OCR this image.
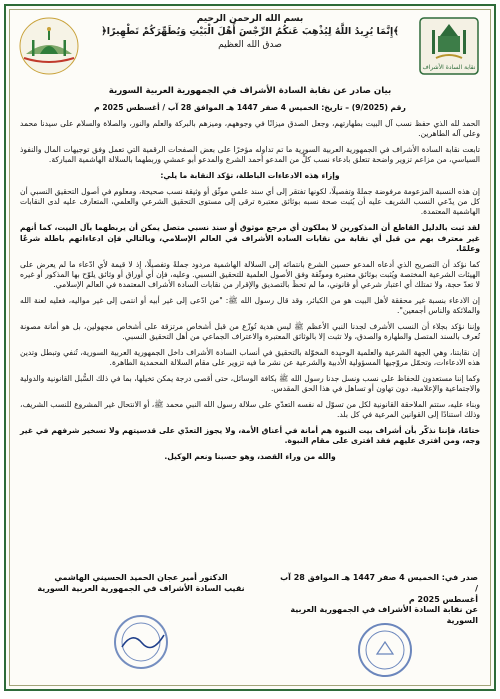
نقابة السادة الأشراف
بسم الله الرحمن الرحيم
﴿إِنَّمَا يُرِيدُ اللَّهُ لِيُذْهِبَ عَنكُمُ الرِّجْسَ أَهْلَ الْبَيْتِ وَيُطَهِّرَكُمْ تَطْهِيرًا﴾
صدق الله العظيم

بيان صادر عن نقابة السادة الأشراف في الجمهورية العربية السورية

رقم (9/2025) – تاريخ: الخميس 4 صفر 1447 هـ الموافق 28 آب / أغسطس 2025 م

الحمد لله الذي حفظ نسب آل البيت بطهارتهم، وجعل الصدق ميزانًا في وجوههم، وميزهم بالبركة والعلم والنور، والصلاة والسلام على سيدنا محمد وعلى آله الطاهرين.

تابعت نقابة السادة الأشراف في الجمهورية العربية السورية ما تم تداوله مؤخرًا على بعض الصفحات الرقمية التي تعمل وفق توجيهات المال والنفوذ السياسي، من مزاعم تزوير واضحة تتعلق بادعاء نسب كلٍّ من المدعو أحمد الشرع والمدعو أبو عمشي وربطهما بالسلالة الهاشمية المباركة.

وإزاء هذه الادعاءات الباطلة، تؤكد النقابة ما يلي:

إن هذه النسبة المزعومة مرفوضة جملةً وتفصيلًا، لكونها تفتقر إلى أي سند علمي موثّق أو وثيقة نسب صحيحة، ومعلوم في أصول التحقيق النسبي أن كل من يدّعي النسب الشريف عليه أن يُثبت صحة نسبه بوثائق معتبرة ترقى إلى مستوى التحقيق الشرعي والعلمي، المتعارف عليه لدى النقابات الهاشمية المعتمدة.

لقد ثبت بالدليل القاطع أن المذكورين لا يملكون أي مرجع موثوق أو سند نسبي متصل يمكن أن يربطهما بآل البيت، كما أنهم غير معترف بهم من قبل أي نقابة من نقابات السادة الأشراف في العالم الإسلامي، وبالتالي فإن ادعاءاتهم باطلة شرعًا وعلمًا.

كما نؤكد أن التصريح الذي أدعاه المدعو حسين الشرع بانتمائه إلى السلالة الهاشمية مردود جملةً وتفصيلًا، إذ لا قيمة لأي ادّعاء ما لم يعرض على الهيئات الشرعية المختصة ويُثبت بوثائق معتبرة وموثّقة وفق الأصول العلمية للتحقيق النسبي. وعليه، فإن أي أوراق أو وثائق يلوّح بها المذكور أو غيره لا تعدّ حجة، ولا تمتلك أي اعتبار شرعي أو قانوني، ما لم تحظَ بالتصديق والإقرار من نقابات السادة الأشراف المعتمدة في العالم الإسلامي.

إن الادعاء بنسبة غير محققة لأهل البيت هو من الكبائر، وقد قال رسول الله ﷺ: "من ادّعى إلى غير أبيه أو انتمى إلى غير مواليه، فعليه لعنة الله والملائكة والناس أجمعين".

وإننا نؤكد بجلاء أن النسب الأشرف لجدنا النبي الأعظم ﷺ ليس هدية تُوزّع من قبل أشخاص مرتزقة على أشخاص مجهولين، بل هو أمانة مصونة تُعرف بالسند المتصل والطهارة والصدق، ولا تثبت إلا بالوثائق المعتبرة والاعتراف الجماعي من أهل التحقيق النسبي.

إن نقابتنا، وهي الجهة الشرعية والعلمية الوحيدة المخوّلة بالتحقيق في أنساب السادة الأشراف داخل الجمهورية العربية السورية، تُنفي وتبطل وتدين هذه الادعاءات، وتحمّل مروّجيها المسؤولية الأدبية والشرعية عن نشر ما فيه تزوير على مقام السلالة المحمدية الطاهرة.

وكما إننا مستعدون للحفاظ على نسب ونسل جدنا رسول الله ﷺ بكافة الوسائل، حتى أقصى درجة يمكن تخيلها، بما في ذلك السُّبل القانونية والدولية والاجتماعية والإعلامية، دون تهاون أو تساهل في هذا الحق المقدس.

وبناء عليه، ستتم الملاحقة القانونية لكل من تسوّل له نفسه التعدّي على سلالة رسول الله النبي محمد ﷺ، أو الانتحال غير المشروع للنسب الشريف، وذلك استنادًا إلى القوانين المرعية في كل بلد.

ختامًا، فإننا نذكّر بأن أشراف بيت النبوة هم أمانة في أعناق الأمة، ولا يجوز التعدّي على قدسيتهم ولا تسخير شرفهم في غير وجه، ومن افترى عليهم فقد افترى على مقام النبوة.

والله من وراء القصد، وهو حسبنا ونعم الوكيل.

صدر في: الخميس 4 صفر 1447 هـ الموافق 28 آب /
أغسطس 2025 م
عن نقابة السادة الأشراف في الجمهورية العربية السورية
الدكتور أمير عجان الحميد الحسيني الهاشمي
نقيب السادة الأشراف في الجمهورية العربية السورية
